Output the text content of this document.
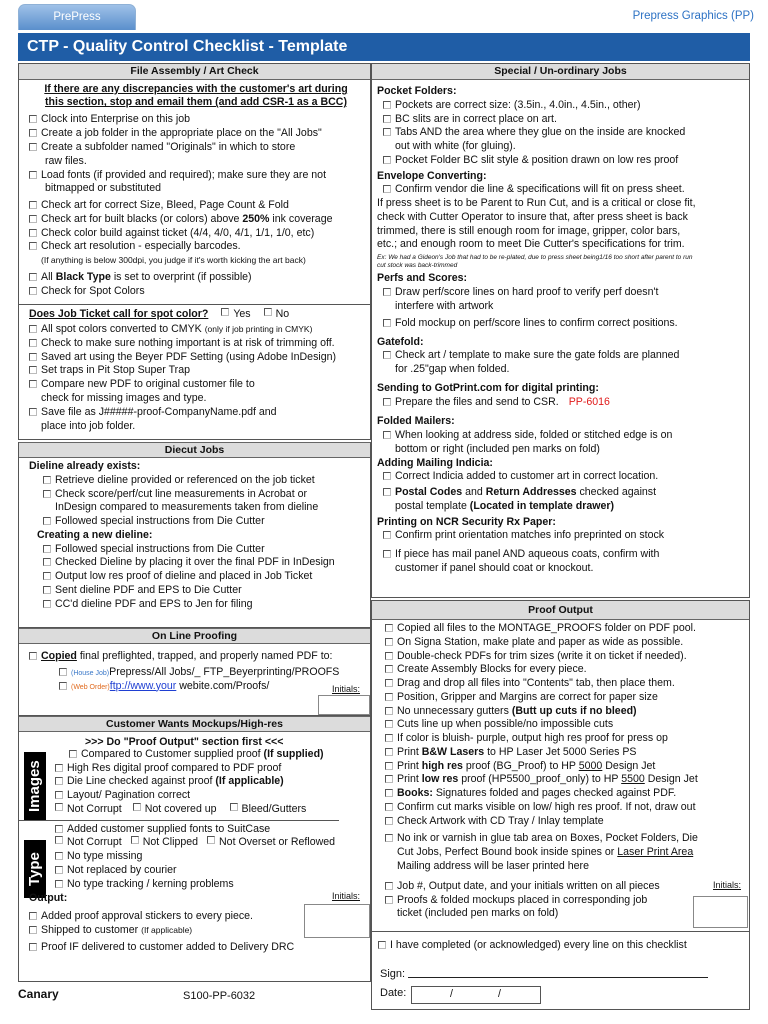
PrePress	Prepress Graphics (PP)
CTP - Quality Control Checklist - Template
File Assembly / Art Check
If there are any discrepancies with the customer's art during
this section, stop and email them (and add CSR-1 as a BCC)
Clock into Enterprise on this job
Create a job folder in the appropriate place on the "All Jobs"
Create a subfolder named "Originals" in which to store
raw files.
Load fonts (if provided and required); make sure they are not
bitmapped or substituted
Check art for correct Size, Bleed, Page Count & Fold
Check art for built blacks (or colors) above 250% ink coverage
Check color build against ticket (4/4, 4/0, 4/1, 1/1, 1/0, etc)
Check art resolution - especially barcodes.
(If anything is below 300dpi, you judge if it's worth kicking the art back)
All Black Type is set to overprint (if possible)
Check for Spot Colors
Does Job Ticket call for spot color? Yes No
All spot colors converted to CMYK (only if job printing in CMYK)
Check to make sure nothing important is at risk of trimming off.
Saved art using the Beyer PDF Setting (using Adobe InDesign)
Set traps in Pit Stop Super Trap
Compare new PDF to original customer file to
check for missing images and type.
Save file as J#####-proof-CompanyName.pdf and
place into job folder.
Diecut Jobs
Dieline already exists:
Retrieve dieline provided or referenced on the job ticket
Check score/perf/cut line measurements in Acrobat or
InDesign compared to measurements taken from dieline
Followed special instructions from Die Cutter
Creating a new dieline:
Followed special instructions from Die Cutter
Checked Dieline by placing it over the final PDF in InDesign
Output low res proof of dieline and placed in Job Ticket
Sent dieline PDF and EPS to Die Cutter
CC'd dieline PDF and EPS to Jen for filing
On Line Proofing
Copied final preflighted, trapped, and properly named PDF to:
(House Job)Prepress/All Jobs/_ FTP_Beyerprinting/PROOFS
(Web Order)ftp://www.your webite.com/Proofs/	Initials:
Customer Wants Mockups/High-res
Images
Type
>>> Do "Proof Output" section first <<<
Compared to Customer supplied proof (If supplied)
High Res digital proof compared to PDF proof
Die Line checked against proof (If applicable)
Layout/ Pagination correct
Not Corrupt Not covered up Bleed/Gutters
Added customer supplied fonts to SuitCase
Not Corrupt Not Clipped Not Overset or Reflowed
No type missing
Not replaced by courier
No type tracking / kerning problems
Output:	Initials:
Added proof approval stickers to every piece.
Shipped to customer (If applicable)
Proof IF delivered to customer added to Delivery DRC
Special / Un-ordinary Jobs
Pocket Folders:
Pockets are correct size: (3.5in., 4.0in., 4.5in., other)
BC slits are in correct place on art.
Tabs AND the area where they glue on the inside are knocked
out with white (for gluing).
Pocket Folder BC slit style & position drawn on low res proof
Envelope Converting:
Confirm vendor die line & specifications will fit on press sheet.
If press sheet is to be Parent to Run Cut, and is a critical or close fit,
check with Cutter Operator to insure that, after press sheet is back
trimmed, there is still enough room for image, gripper, color bars,
etc.; and enough room to meet Die Cutter's specifications for trim.
Ex: We had a Gideon's Job that had to be re-plated, due to press sheet being1/16 too short after parent to run
cut stock was back-trimmed
Perfs and Scores:
Draw perf/score lines on hard proof to verify perf doesn't
interfere with artwork
Fold mockup on perf/score lines to confirm correct positions.
Gatefold:
Check art / template to make sure the gate folds are planned
for .25"gap when folded.
Sending to GotPrint.com for digital printing:
Prepare the files and send to CSR. PP-6016
Folded Mailers:
When looking at address side, folded or stitched edge is on
bottom or right (included pen marks on fold)
Adding Mailing Indicia:
Correct Indicia added to customer art in correct location.
Postal Codes and Return Addresses checked against
postal template (Located in template drawer)
Printing on NCR Security Rx Paper:
Confirm print orientation matches info preprinted on stock
If piece has mail panel AND aqueous coats, confirm with
customer if panel should coat or knockout.
Proof Output
Copied all files to the MONTAGE_PROOFS folder on PDF pool.
On Signa Station, make plate and paper as wide as possible.
Double-check PDFs for trim sizes (write it on ticket if needed).
Create Assembly Blocks for every piece.
Drag and drop all files into "Contents" tab, then place them.
Position, Gripper and Margins are correct for paper size
No unnecessary gutters (Butt up cuts if no bleed)
Cuts line up when possible/no impossible cuts
If color is bluish- purple, output high res proof for press op
Print B&W Lasers to HP Laser Jet 5000 Series PS
Print high res proof (BG_Proof) to HP 5000 Design Jet
Print low res proof (HP5500_proof_only) to HP 5500 Design Jet
Books: Signatures folded and pages checked against PDF.
Confirm cut marks visible on low/ high res proof. If not, draw out
Check Artwork with CD Tray / Inlay template
No ink or varnish in glue tab area on Boxes, Pocket Folders, Die
Cut Jobs, Perfect Bound book inside spines or Laser Print Area
Mailing address will be laser printed here
Initials:
Job #, Output date, and your initials written on all pieces
Proofs & folded mockups placed in corresponding job
ticket (included pen marks on fold)
I have completed (or acknowledged) every line on this checklist
Sign:
Date:	/	/
Canary	S100-PP-6032
